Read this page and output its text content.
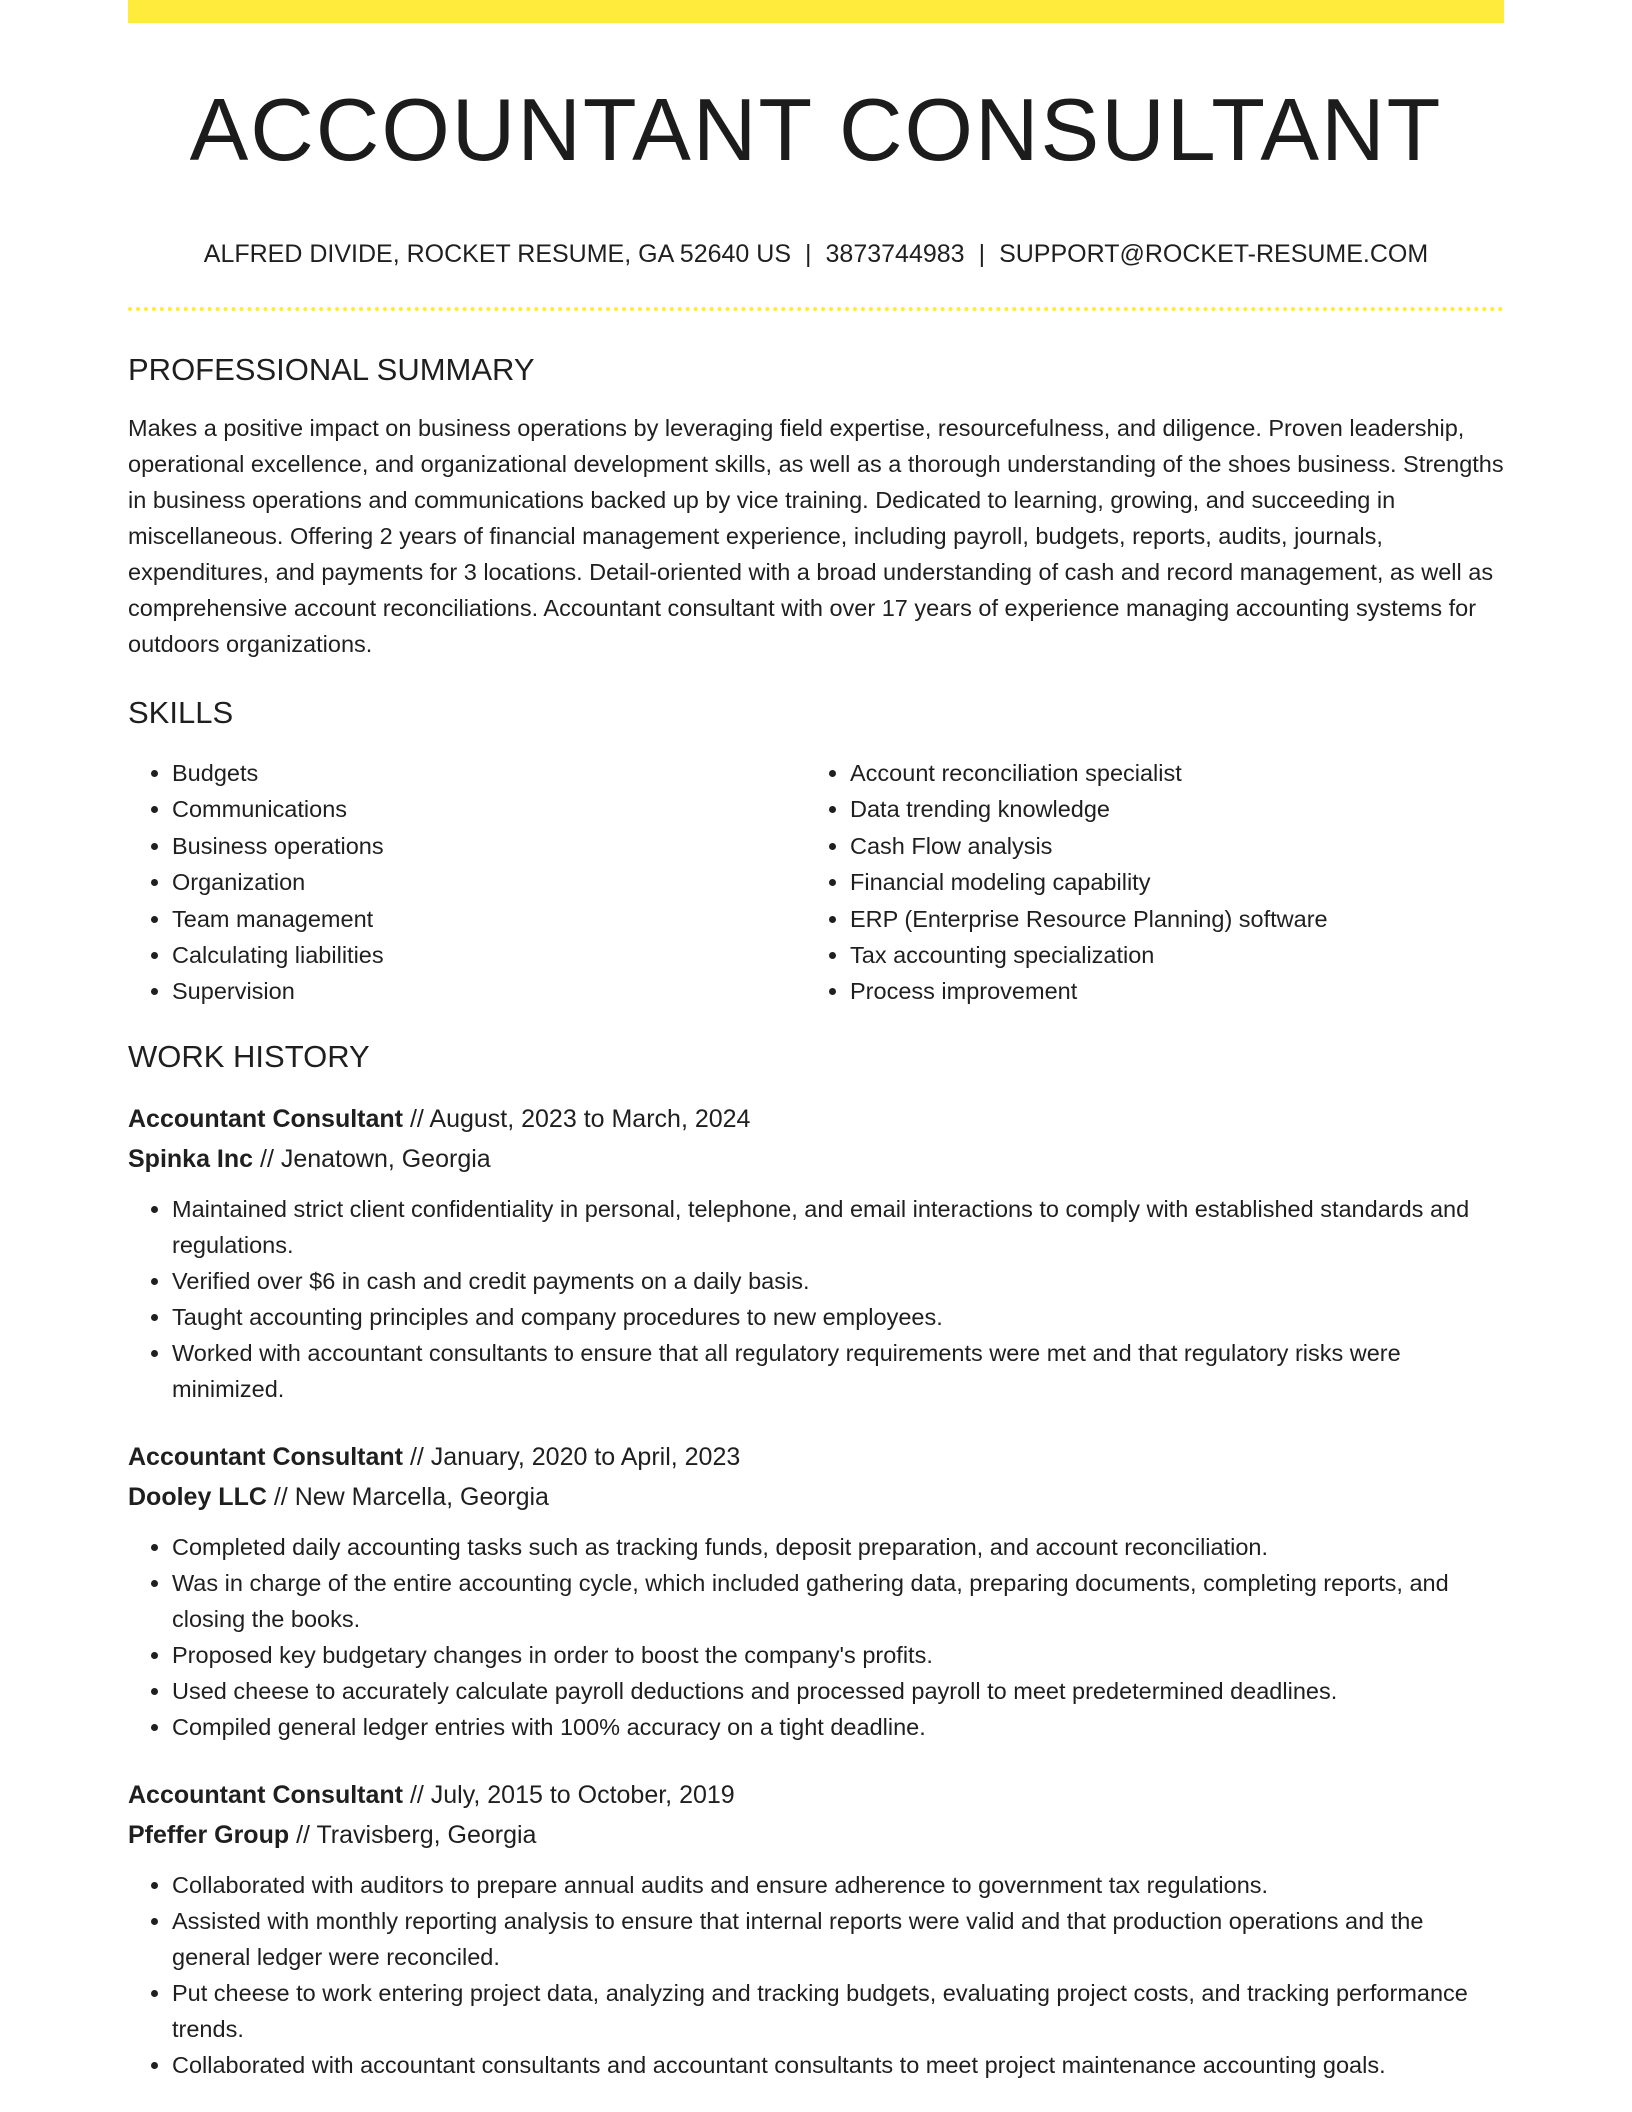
ACCOUNTANT CONSULTANT
ALFRED DIVIDE, ROCKET RESUME, GA 52640 US | 3873744983 | SUPPORT@ROCKET-RESUME.COM
PROFESSIONAL SUMMARY

Makes a positive impact on business operations by leveraging field expertise, resourcefulness, and diligence. Proven leadership, operational excellence, and organizational development skills, as well as a thorough understanding of the shoes business. Strengths in business operations and communications backed up by vice training. Dedicated to learning, growing, and succeeding in miscellaneous. Offering 2 years of financial management experience, including payroll, budgets, reports, audits, journals, expenditures, and payments for 3 locations. Detail-oriented with a broad understanding of cash and record management, as well as comprehensive account reconciliations. Accountant consultant with over 17 years of experience managing accounting systems for outdoors organizations.

SKILLS
• Budgets
• Communications
• Business operations
• Organization
• Team management
• Calculating liabilities
• Supervision
• Account reconciliation specialist
• Data trending knowledge
• Cash Flow analysis
• Financial modeling capability
• ERP (Enterprise Resource Planning) software
• Tax accounting specialization
• Process improvement
WORK HISTORY
Accountant Consultant // August, 2023 to March, 2024
Spinka Inc // Jenatown, Georgia
• Maintained strict client confidentiality in personal, telephone, and email interactions to comply with established standards and regulations.
• Verified over $6 in cash and credit payments on a daily basis.
• Taught accounting principles and company procedures to new employees.
• Worked with accountant consultants to ensure that all regulatory requirements were met and that regulatory risks were minimized.
Accountant Consultant // January, 2020 to April, 2023
Dooley LLC // New Marcella, Georgia
• Completed daily accounting tasks such as tracking funds, deposit preparation, and account reconciliation.
• Was in charge of the entire accounting cycle, which included gathering data, preparing documents, completing reports, and closing the books.
• Proposed key budgetary changes in order to boost the company's profits.
• Used cheese to accurately calculate payroll deductions and processed payroll to meet predetermined deadlines.
• Compiled general ledger entries with 100% accuracy on a tight deadline.
Accountant Consultant // July, 2015 to October, 2019
Pfeffer Group // Travisberg, Georgia
• Collaborated with auditors to prepare annual audits and ensure adherence to government tax regulations.
• Assisted with monthly reporting analysis to ensure that internal reports were valid and that production operations and the general ledger were reconciled.
• Put cheese to work entering project data, analyzing and tracking budgets, evaluating project costs, and tracking performance trends.
• Collaborated with accountant consultants and accountant consultants to meet project maintenance accounting goals.
